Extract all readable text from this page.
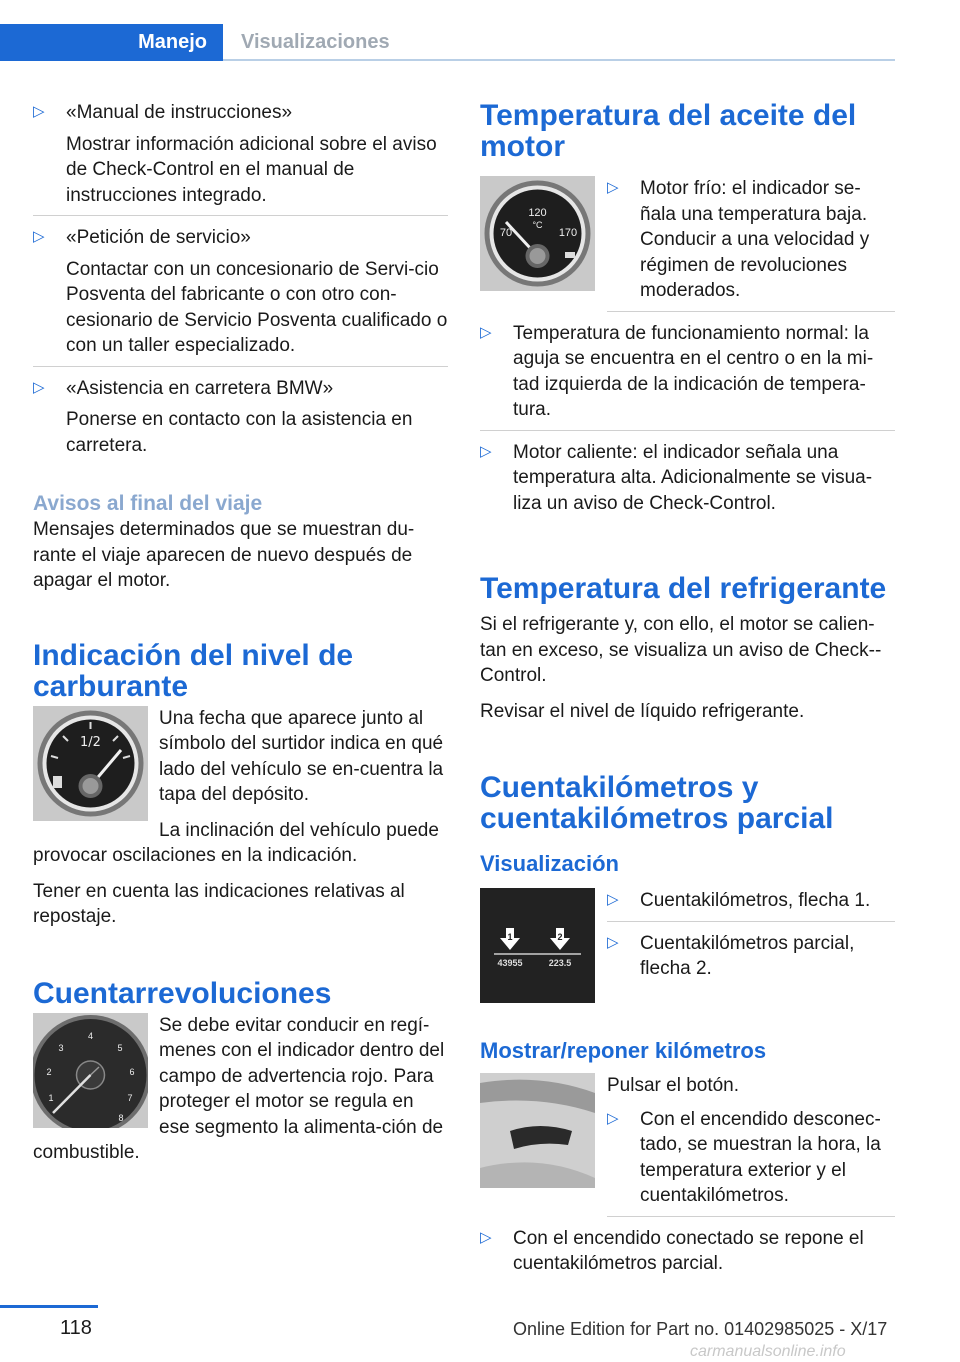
Manejo	Visualizaciones
▷ «Manual de instrucciones»

Mostrar información adicional sobre el aviso de Check-Control en el manual de instrucciones integrado.

▷ «Petición de servicio»

Contactar con un concesionario de Servi-cio Posventa del fabricante o con otro con-cesionario de Servicio Posventa cualificado o con un taller especializado.

▷ «Asistencia en carretera BMW»

Ponerse en contacto con la asistencia en carretera.

Avisos al final del viaje

Mensajes determinados que se muestran du-rante el viaje aparecen de nuevo después de apagar el motor.

Indicación del nivel de carburante
1/2

Una fecha que aparece junto al símbolo del surtidor indica en qué lado del vehículo se en-cuentra la tapa del depósito.

La inclinación del vehículo puede provocar oscilaciones en la indicación.

Tener en cuenta las indicaciones relativas al repostaje.

Cuentarrevoluciones
1
2
3
4
5
6
7
8

Se debe evitar conducir en regí-menes con el indicador dentro del campo de advertencia rojo. Para proteger el motor se regula en ese segmento la alimenta-ción de combustible.

Temperatura del aceite del motor
120
°C
70	170
▷ Motor frío: el indicador se-ñala una temperatura baja. Conducir a una velocidad y régimen de revoluciones moderados.

▷ Temperatura de funcionamiento normal: la aguja se encuentra en el centro o en la mi-tad izquierda de la indicación de tempera-tura.

▷ Motor caliente: el indicador señala una temperatura alta. Adicionalmente se visua-liza un aviso de Check-Control.

Temperatura del refrigerante

Si el refrigerante y, con ello, el motor se calien-tan en exceso, se visualiza un aviso de Check--Control.

Revisar el nivel de líquido refrigerante.

Cuentakilómetros y cuentakilómetros parcial
Visualización
1	2
43955	223.5
▷ Cuentakilómetros, flecha 1.

▷ Cuentakilómetros parcial, flecha 2.

Mostrar/reponer kilómetros

Pulsar el botón.

▷ Con el encendido desconec-tado, se muestran la hora, la temperatura exterior y el cuentakilómetros.

▷ Con el encendido conectado se repone el cuentakilómetros parcial.

118	Online Edition for Part no. 01402985025 - X/17
carmanualsonline.info
